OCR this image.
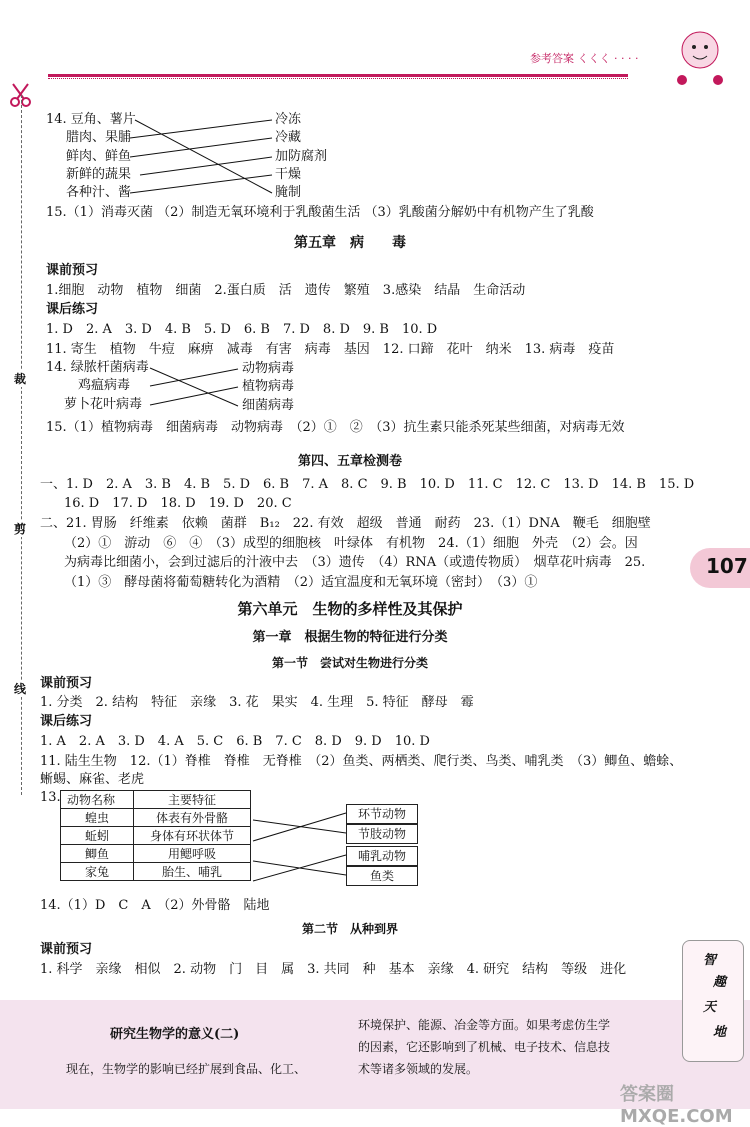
参考答案 くくく · · · ·
裁
剪
线
107
14. 豆角、薯片
腊肉、果脯
鲜肉、鲜鱼
新鲜的蔬果
各种汁、酱
冷冻
冷藏
加防腐剂
干燥
腌制
15.（1）消毒灭菌 （2）制造无氧环境利于乳酸菌生活 （3）乳酸菌分解奶中有机物产生了乳酸
第五章　病　　毒
课前预习
1.细胞　动物　植物　细菌　2.蛋白质　活　遗传　繁殖　3.感染　结晶　生命活动
课后练习
1. D　2. A　3. D　4. B　5. D　6. B　7. D　8. D　9. B　10. D
11. 寄生　植物　牛痘　麻痹　减毒　有害　病毒　基因　12. 口蹄　花叶　纳米　13. 病毒　疫苗
14. 绿脓杆菌病毒
鸡瘟病毒
萝卜花叶病毒
动物病毒
植物病毒
细菌病毒
15.（1）植物病毒　细菌病毒　动物病毒　（2）①　②　（3）抗生素只能杀死某些细菌，对病毒无效
第四、五章检测卷
一、1. D　2. A　3. B　4. B　5. D　6. B　7. A　8. C　9. B　10. D　11. C　12. C　13. D　14. B　15. D
16. D　17. D　18. D　19. D　20. C
二、21. 胃肠　纤维素　依赖　菌群　B₁₂　22. 有效　超级　普通　耐药　23.（1）DNA　鞭毛　细胞壁
（2）①　游动　⑥　④　（3）成型的细胞核　叶绿体　有机物　24.（1）细胞　外壳　（2）会。因
为病毒比细菌小，会到过滤后的汁液中去　（3）遗传　（4）RNA（或遗传物质）　烟草花叶病毒　25.
（1）③　酵母菌将葡萄糖转化为酒精　（2）适宜温度和无氧环境（密封）　（3）①
第六单元　生物的多样性及其保护
第一章　根据生物的特征进行分类
第一节　尝试对生物进行分类
课前预习
1. 分类　2. 结构　特征　亲缘　3. 花　果实　4. 生理　5. 特征　酵母　霉
课后练习
1. A　2. A　3. D　4. A　5. C　6. B　7. C　8. D　9. D　10. D
11. 陆生生物　12.（1）脊椎　脊椎　无脊椎　（2）鱼类、两栖类、爬行类、鸟类、哺乳类　（3）鲫鱼、蟾蜍、
蜥蜴、麻雀、老虎
13. 动物名称	主要特征
蝗虫	体表有外骨骼
蚯蚓	身体有环状体节
鲫鱼	用鳃呼吸
家兔	胎生、哺乳
环节动物
节肢动物
哺乳动物
鱼类
14.（1）D　C　A　（2）外骨骼　陆地
第二节　从种到界
课前预习
1. 科学　亲缘　相似　2. 动物　门　目　属　3. 共同　种　基本　亲缘　4. 研究　结构　等级　进化
研究生物学的意义(二)
现在，生物学的影响已经扩展到食品、化工、
环境保护、能源、冶金等方面。如果考虑仿生学
的因素，它还影响到了机械、电子技术、信息技
术等诸多领域的发展。
智
趣
天
地
答案圈 MXQE.COM
